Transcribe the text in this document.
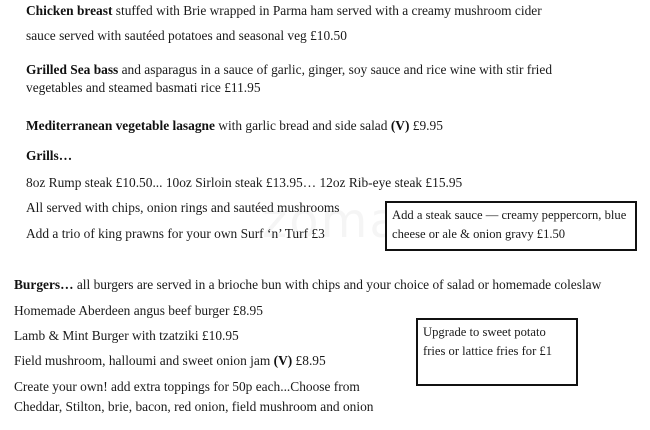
Chicken breast stuffed with Brie wrapped in Parma ham served with a creamy mushroom cider
sauce served with sautéed potatoes and seasonal veg £10.50
Grilled Sea bass and asparagus in a sauce of garlic, ginger, soy sauce and rice wine with stir fried
vegetables and steamed basmati rice £11.95
Mediterranean vegetable lasagne with garlic bread and side salad (V) £9.95
Grills…
8oz Rump steak £10.50... 10oz Sirloin steak £13.95… 12oz Rib-eye steak £15.95
All served with chips, onion rings and sautéed mushrooms
Add a trio of king prawns for your own Surf ‘n’ Turf £3
Add a steak sauce — creamy peppercorn, blue
cheese or ale & onion gravy £1.50
Burgers… all burgers are served in a brioche bun with chips and your choice of salad or homemade coleslaw
Homemade Aberdeen angus beef burger £8.95
Lamb & Mint Burger with tzatziki £10.95
Field mushroom, halloumi and sweet onion jam (V) £8.95
Create your own! add extra toppings for 50p each...Choose from
Cheddar, Stilton, brie, bacon, red onion, field mushroom and onion
Upgrade to sweet potato
fries or lattice fries for £1
